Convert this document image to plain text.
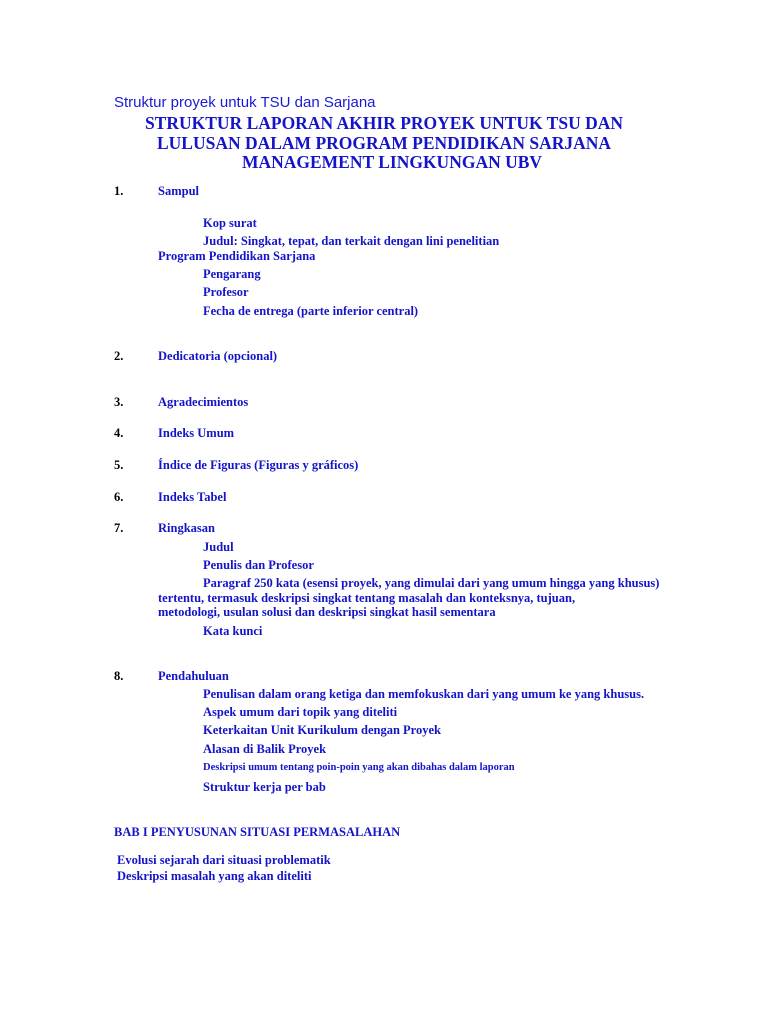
Struktur proyek untuk TSU dan Sarjana
STRUKTUR LAPORAN AKHIR PROYEK UNTUK TSU DAN
LULUSAN DALAM PROGRAM PENDIDIKAN SARJANA
MANAGEMENT LINGKUNGAN UBV
1.	Sampul
Kop surat
Judul: Singkat, tepat, dan terkait dengan lini penelitian
Program Pendidikan Sarjana
Pengarang
Profesor
Fecha de entrega (parte inferior central)
2.	Dedicatoria (opcional)
3.	Agradecimientos
4.	Indeks Umum
5.	Índice de Figuras (Figuras y gráficos)
6.	Indeks Tabel
7.	Ringkasan
Judul
Penulis dan Profesor
Paragraf 250 kata (esensi proyek, yang dimulai dari yang umum hingga yang khusus)
tertentu, termasuk deskripsi singkat tentang masalah dan konteksnya, tujuan,
metodologi, usulan solusi dan deskripsi singkat hasil sementara
Kata kunci
8.	Pendahuluan
Penulisan dalam orang ketiga dan memfokuskan dari yang umum ke yang khusus.
Aspek umum dari topik yang diteliti
Keterkaitan Unit Kurikulum dengan Proyek
Alasan di Balik Proyek
Deskripsi umum tentang poin-poin yang akan dibahas dalam laporan
Struktur kerja per bab
BAB I PENYUSUNAN SITUASI PERMASALAHAN
Evolusi sejarah dari situasi problematik
Deskripsi masalah yang akan diteliti
